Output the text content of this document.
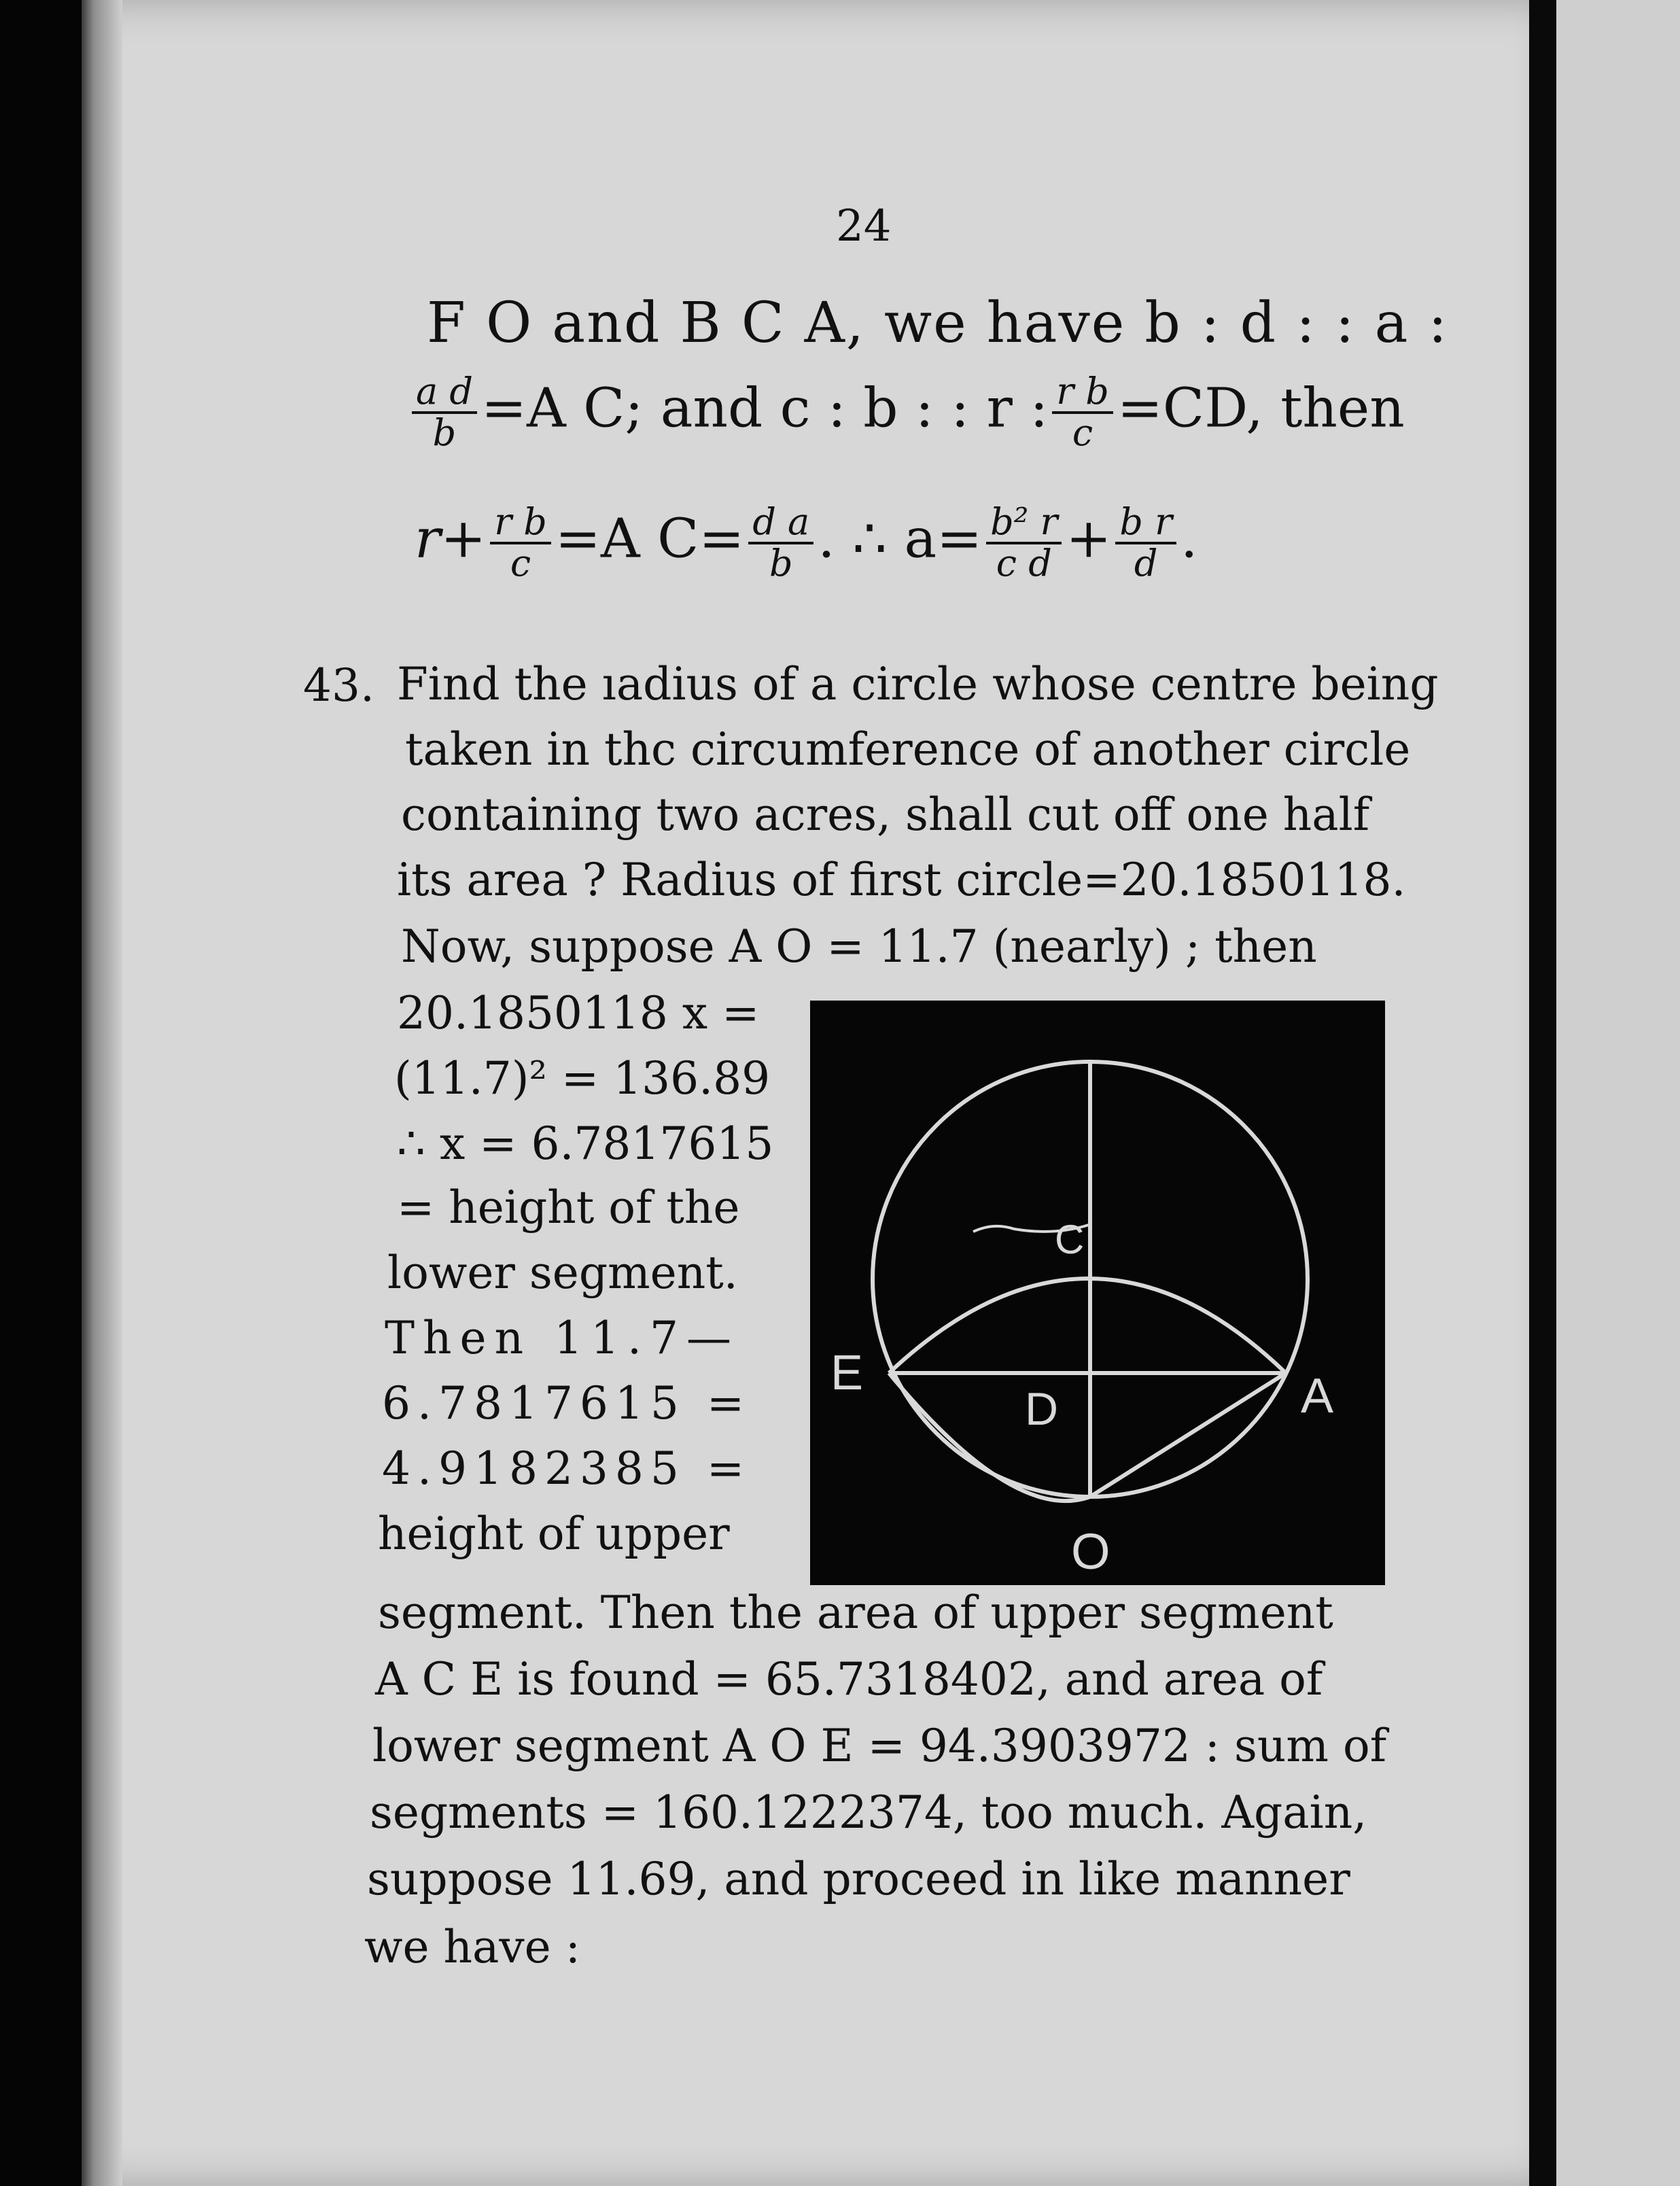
24
F O and B C A, we have b : d : : a :
$\frac{\text{a d}}{b} =A$ C; and c : b : : r : $\frac{\text{r b}}{c} =CD$, then
$r+ \frac{\text{r b}}{c} =A$ $C= \frac{\text{d a}}{b}$ . ∴ $a= \frac{\text{b² r}}{\text{c d}} + \frac{\text{b r}}{d}$ .
43. Find the ıadius of a circle whose centre being
taken in thc circumference of another circle
containing two acres, shall cut off one half
its area ? Radius of first circle=20.1850118.
Now, suppose A O = 11.7 (nearly) ; then
20.1850118 x =
(11.7)² = 136.89
∴ x = 6.7817615
= height of the
lower segment.
Then 11.7—
6.7817615 =
4.9182385 =
height of upper
segment. Then the area of upper segment
A C E is found = 65.7318402, and area of
lower segment A O E = 94.3903972 : sum of
segments = 160.1222374, too much. Again,
suppose 11.69, and proceed in like manner
we have :
E
D	A
O
C
